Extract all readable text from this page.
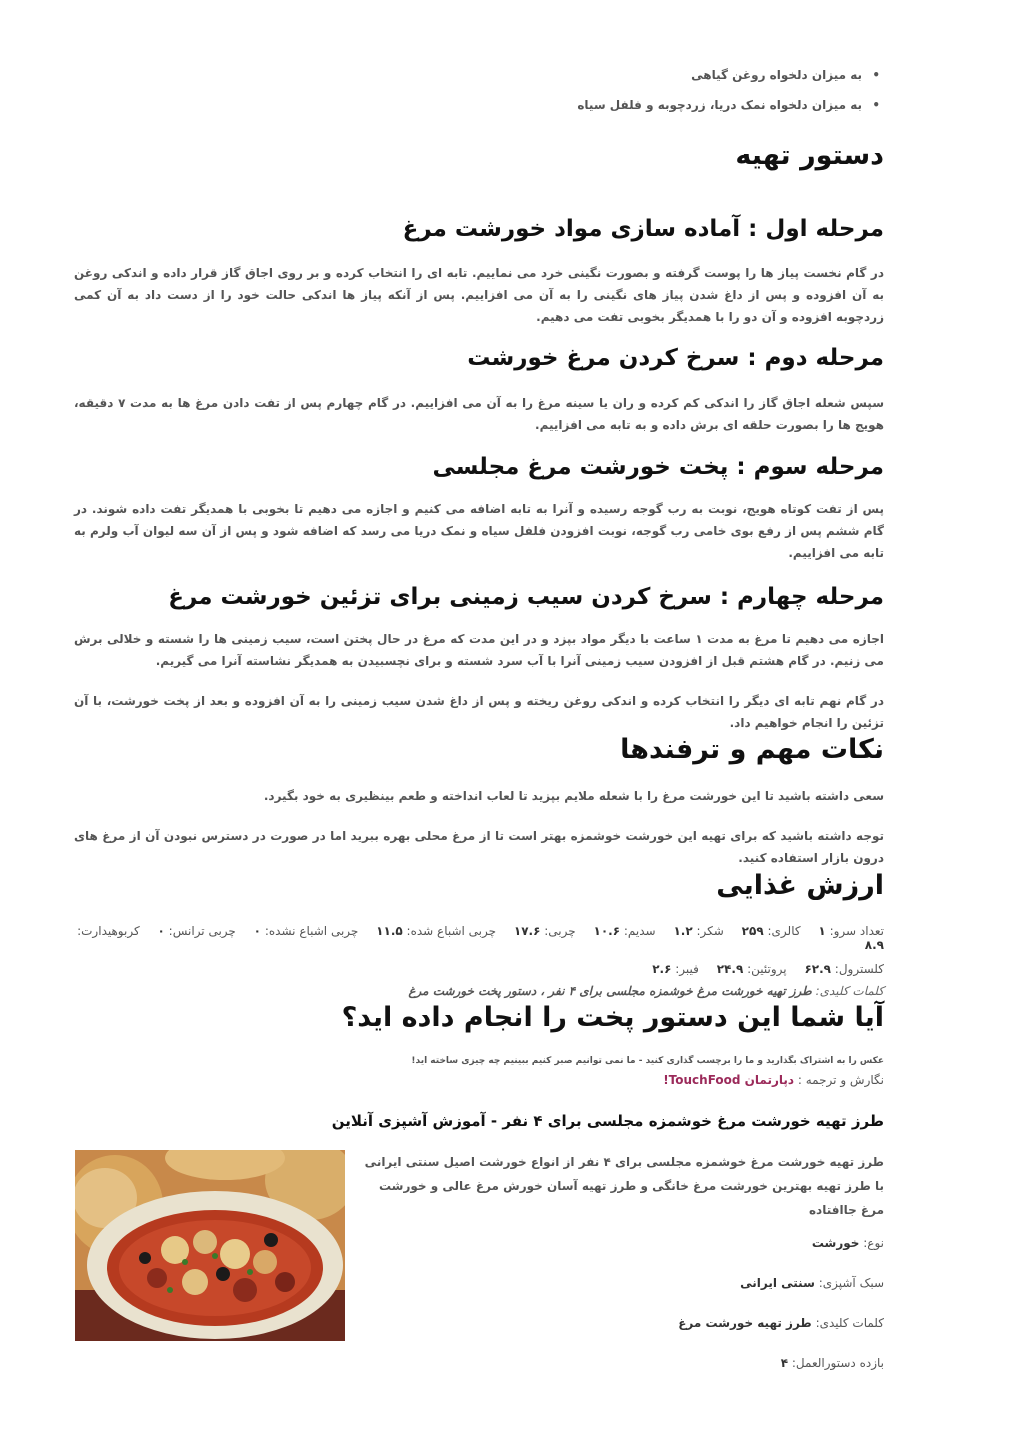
• به میزان دلخواه روغن گیاهی
• به میزان دلخواه نمک دریا، زردچوبه و فلفل سیاه
دستور تهیه
مرحله اول : آماده سازی مواد خورشت مرغ

در گام نخست پیاز ها را پوست گرفته و بصورت نگینی خرد می نماییم. تابه ای را انتخاب کرده و بر روی اجاق گاز قرار داده و اندکی روغن به آن افزوده و پس از داغ شدن پیاز های نگینی را به آن می افزاییم. پس از آنکه پیاز ها اندکی حالت خود را از دست داد به آن کمی زردچوبه افزوده و آن دو را با همدیگر بخوبی تفت می دهیم.

مرحله دوم : سرخ کردن مرغ خورشت

سپس شعله اجاق گاز را اندکی کم کرده و ران یا سینه مرغ را به آن می افزاییم. در گام چهارم پس از تفت دادن مرغ ها به مدت ۷ دقیقه، هویج ها را بصورت حلقه ای برش داده و به تابه می افزاییم.

مرحله سوم : پخت خورشت مرغ مجلسی

پس از تفت کوتاه هویج، نوبت به رب گوجه رسیده و آنرا به تابه اضافه می کنیم و اجازه می دهیم تا بخوبی با همدیگر تفت داده شوند. در گام ششم پس از رفع بوی خامی رب گوجه، نوبت افزودن فلفل سیاه و نمک دریا می رسد که اضافه شود و پس از آن سه لیوان آب ولرم به تابه می افزاییم.

مرحله چهارم : سرخ کردن سیب زمینی برای تزئین خورشت مرغ

اجازه می دهیم تا مرغ به مدت ۱ ساعت با دیگر مواد بپزد و در این مدت که مرغ در حال پختن است، سیب زمینی ها را شسته و خلالی برش می زنیم. در گام هشتم قبل از افزودن سیب زمینی آنرا با آب سرد شسته و برای نچسبیدن به همدیگر نشاسته آنرا می گیریم.

در گام نهم تابه ای دیگر را انتخاب کرده و اندکی روغن ریخته و پس از داغ شدن سیب زمینی را به آن افزوده و بعد از پخت خورشت، با آن تزئین را انجام خواهیم داد.

نکات مهم و ترفندها

سعی داشته باشید تا این خورشت مرغ را با شعله ملایم بپزید تا لعاب انداخته و طعم بینظیری به خود بگیرد.

توجه داشته باشید که برای تهیه این خورشت خوشمزه بهتر است تا از مرغ محلی بهره ببرید اما در صورت در دسترس نبودن آن از مرغ های درون بازار استفاده کنید.

ارزش غذایی
تعداد سرو: ۱ کالری: ۲۵۹ شکر: ۱.۲ سدیم: ۱۰.۶ چربی: ۱۷.۶ چربی اشباع شده: ۱۱.۵ چربی اشباع نشده: ۰ چربی ترانس: ۰ کربوهیدارت: ۸.۹
کلسترول: ۶۲.۹ پروتئین: ۲۴.۹ فیبر: ۲.۶
کلمات کلیدی: طرز تهیه خورشت مرغ خوشمزه مجلسی برای ۴ نفر ، دستور پخت خورشت مرغ
آیا شما این دستور پخت را انجام داده اید؟
عکس را به اشتراک بگذارید و ما را برچسب گذاری کنید - ما نمی توانیم صبر کنیم ببینیم چه چیزی ساخته اید!
نگارش و ترجمه : دپارتمان TouchFood!
طرز تهیه خورشت مرغ خوشمزه مجلسی برای ۴ نفر - آموزش آشپزی آنلاین
طرز تهیه خورشت مرغ خوشمزه مجلسی برای ۴ نفر از انواع خورشت اصیل سنتی ایرانی با طرز تهیه بهترین خورشت مرغ خانگی و طرز تهیه آسان خورش مرغ عالی و خورشت مرغ جاافتاده
نوع: خورشت
سبک آشپزی: سنتی ایرانی
کلمات کلیدی: طرز تهیه خورشت مرغ
بازده دستورالعمل: ۴
